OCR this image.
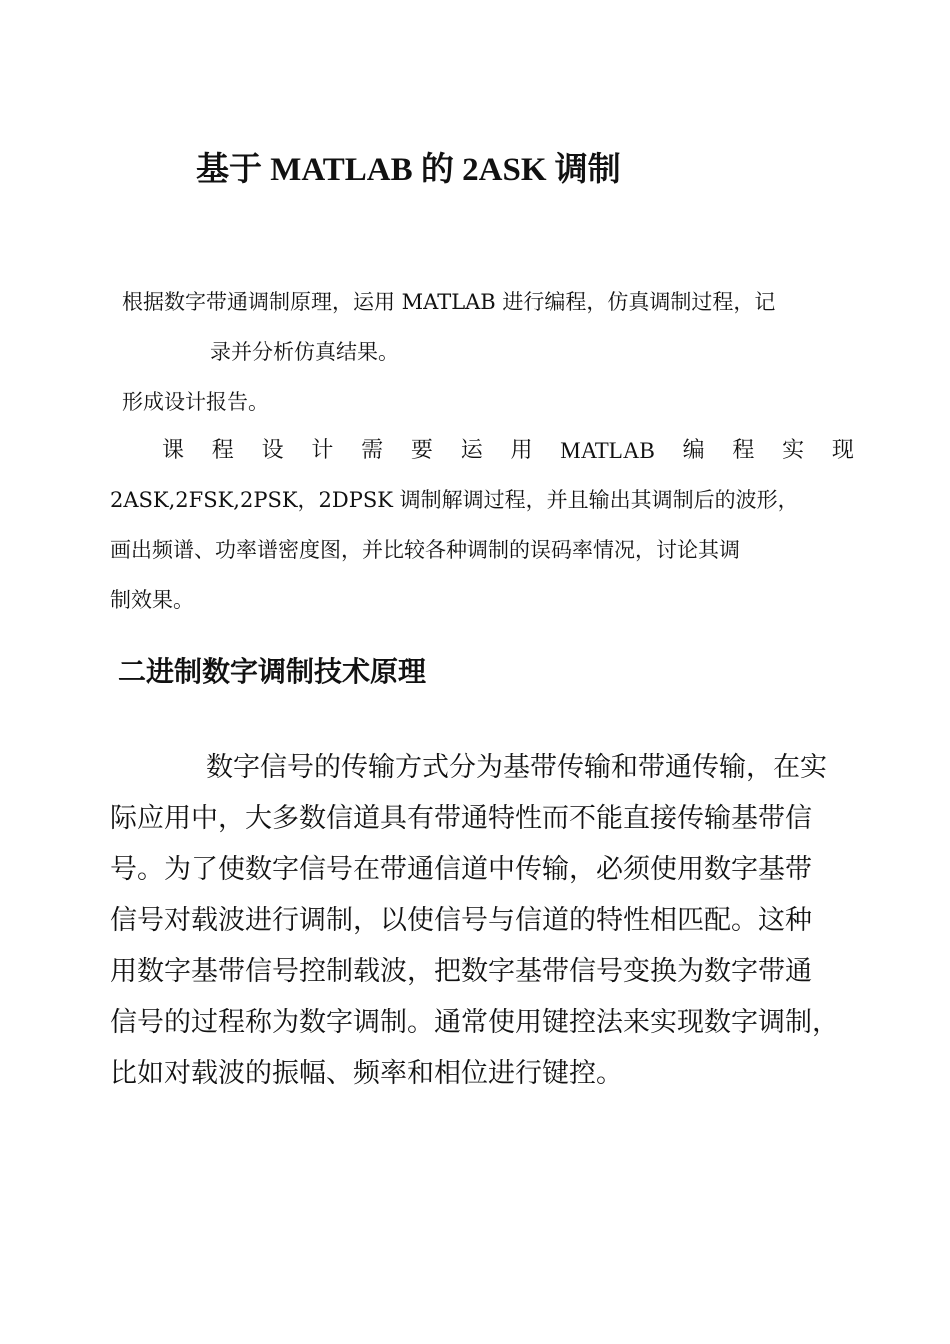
基于 MATLAB 的 2ASK 调制
根据数字带通调制原理，运用 MATLAB 进行编程，仿真调制过程，记
录并分析仿真结果。
形成设计报告。
课 程 设 计 需 要 运 用 MATLAB 编 程 实 现
2ASK,2FSK,2PSK，2DPSK 调制解调过程，并且输出其调制后的波形，
画出频谱、功率谱密度图，并比较各种调制的误码率情况，讨论其调
制效果。
二进制数字调制技术原理
数字信号的传输方式分为基带传输和带通传输，在实
际应用中，大多数信道具有带通特性而不能直接传输基带信
号。为了使数字信号在带通信道中传输，必须使用数字基带
信号对载波进行调制，以使信号与信道的特性相匹配。这种
用数字基带信号控制载波，把数字基带信号变换为数字带通
信号的过程称为数字调制。通常使用键控法来实现数字调制，
比如对载波的振幅、频率和相位进行键控。
